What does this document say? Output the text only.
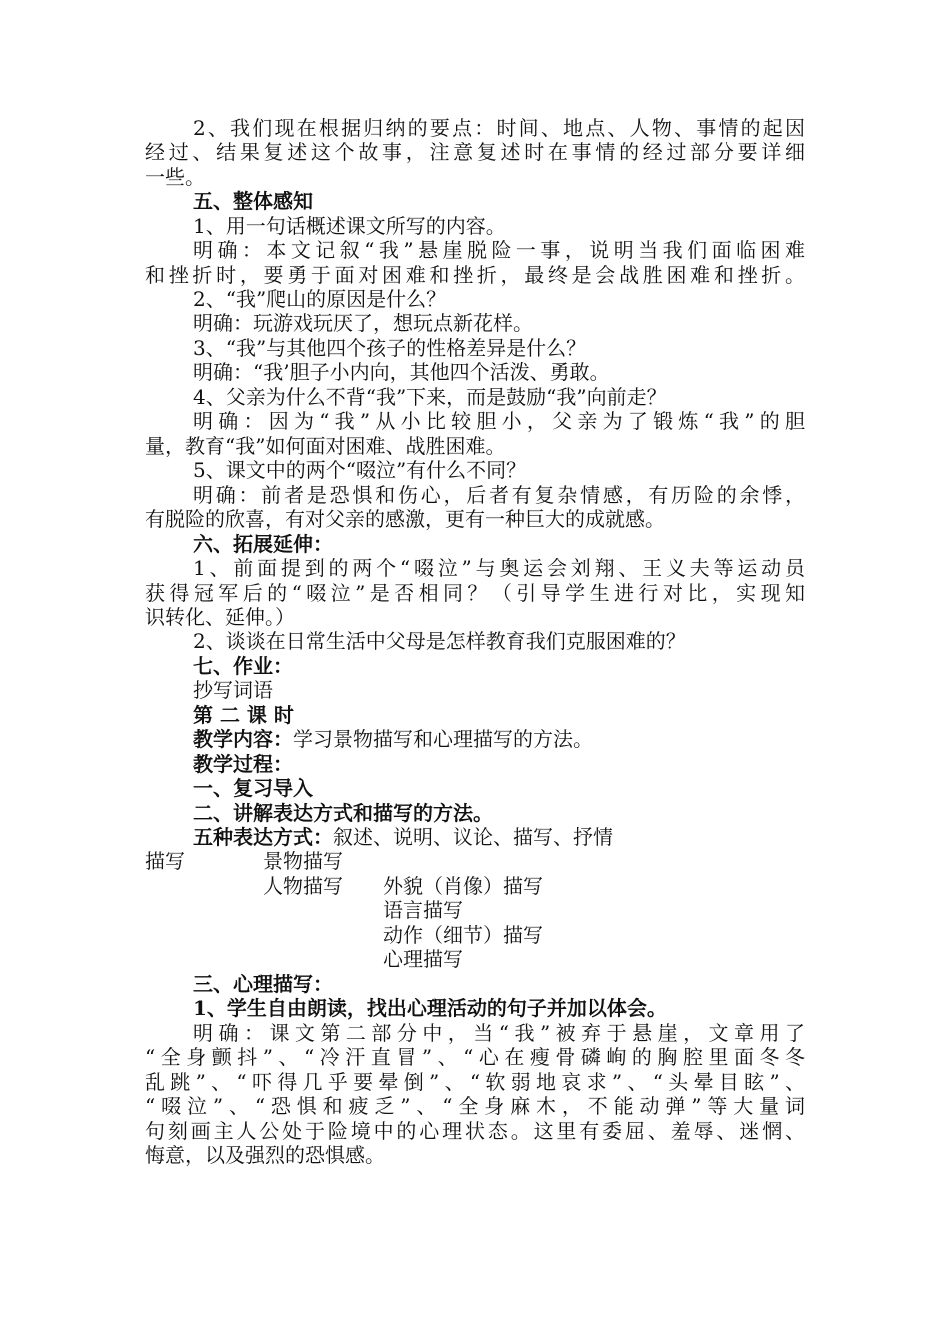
2、我们现在根据归纳的要点：时间、地点、人物、事情的起因
经过、结果复述这个故事，注意复述时在事情的经过部分要详细
一些。
五、整体感知
1、用一句话概述课文所写的内容。
明确：本文记叙“我”悬崖脱险一事，说明当我们面临困难
和挫折时，要勇于面对困难和挫折，最终是会战胜困难和挫折。
2、“我”爬山的原因是什么？
明确：玩游戏玩厌了，想玩点新花样。
3、“我”与其他四个孩子的性格差异是什么？
明确：“我’胆子小内向，其他四个活泼、勇敢。
4、父亲为什么不背“我”下来，而是鼓励“我”向前走？
明确：因为“我”从小比较胆小，父亲为了锻炼“我”的胆
量，教育“我”如何面对困难、战胜困难。
5、课文中的两个“啜泣”有什么不同？
明确：前者是恐惧和伤心，后者有复杂情感，有历险的余悸，
有脱险的欣喜，有对父亲的感激，更有一种巨大的成就感。
六、拓展延伸：
1、前面提到的两个“啜泣”与奥运会刘翔、王义夫等运动员
获得冠军后的“啜泣”是否相同？（引导学生进行对比，实现知
识转化、延伸。）
2、谈谈在日常生活中父母是怎样教育我们克服困难的？
七、作业：
抄写词语
第 二 课 时
教学内容：学习景物描写和心理描写的方法。
教学过程：
一、复习导入
二、讲解表达方式和描写的方法。
五种表达方式：叙述、说明、议论、描写、抒情
描写	景物描写
人物描写 外貌（肖像）描写
语言描写
动作（细节）描写
心理描写
三、心理描写：
1、学生自由朗读，找出心理活动的句子并加以体会。
明确：课文第二部分中，当“我”被弃于悬崖，文章用了
“全身颤抖”、“冷汗直冒”、“心在瘦骨磷峋的胸腔里面冬冬
乱跳”、“吓得几乎要晕倒”、“软弱地哀求”、“头晕目眩”、
“啜泣”、“恐惧和疲乏”、“全身麻木，不能动弹”等大量词
句刻画主人公处于险境中的心理状态。这里有委屈、羞辱、迷惘、
悔意，以及强烈的恐惧感。
